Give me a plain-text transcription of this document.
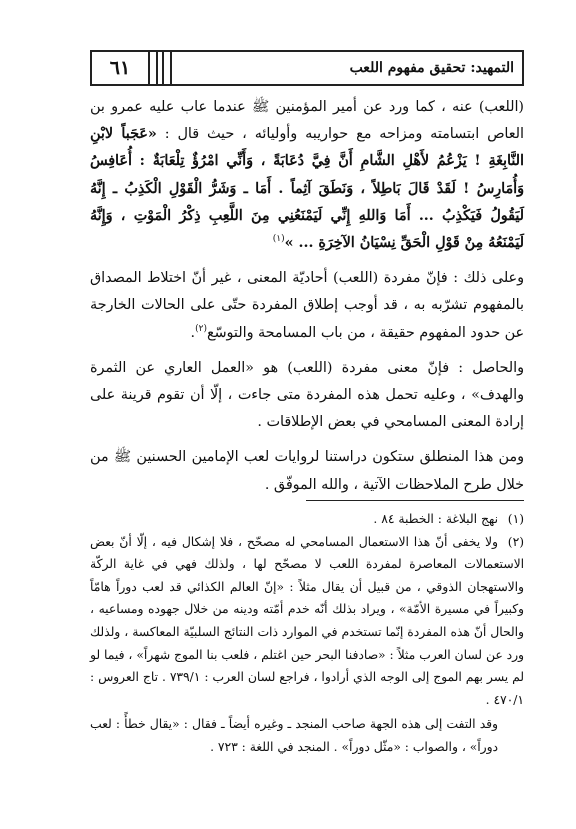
٦١	التمهيد: تحقيق مفهوم اللعب

(اللعب) عنه ، كما ورد عن أمير المؤمنين ﷺ عندما عاب عليه عمرو بن العاص ابتسامته ومزاحه مع حواريبه وأوليائه ، حيث قال : «عَجَباً لابْنِ النَّابِغَةِ ! يَزْعُمُ لأَهْلِ الشَّامِ أَنَّ فِيَّ دُعَابَةً ، وَأَنِّي امْرُؤٌ تِلْعَابَةٌ : أُعَافِسُ وَأُمَارِسُ ! لَقَدْ قَالَ بَاطِلاً ، وَنَطَقَ آثِماً . أَمَا ـ وَشَرُّ الْقَوْلِ الْكَذِبُ ـ إِنَّهُ لَيَقُولُ فَيَكْذِبُ ... أَمَا وَاللهِ إِنِّي لَيَمْنَعُنِي مِنَ اللَّعِبِ ذِكْرُ الْمَوْتِ ، وَإِنَّهُ لَيَمْنَعُهُ مِنْ قَوْلِ الْحَقِّ نِسْيَانُ الآخِرَةِ ... »$^{(١)}$

وعلى ذلك : فإنّ مفردة (اللعب) أحاديّة المعنى ، غير أنّ اختلاط المصداق بالمفهوم تشرّبه به ، قد أوجب إطلاق المفردة حتّى على الحالات الخارجة عن حدود المفهوم حقيقة ، من باب المسامحة والتوسّع$^{(٢)}$.

والحاصل : فإنّ معنى مفردة (اللعب) هو «العمل العاري عن الثمرة والهدف» ، وعليه تحمل هذه المفردة متى جاءت ، إلّا أن تقوم قرينة على إرادة المعنى المسامحي في بعض الإطلاقات .

ومن هذا المنطلق ستكون دراستنا لروايات لعب الإمامين الحسنين ﷺ من خلال طرح الملاحظات الآتية ، والله الموفّق .

(١)نهج البلاغة : الخطبة ٨٤ .

(٢)ولا يخفى أنّ هذا الاستعمال المسامحي له مصحّح ، فلا إشكال فيه ، إلّا أنّ بعض الاستعمالات المعاصرة لمفردة اللعب لا مصحّح لها ، ولذلك فهي في غاية الركّة والاستهجان الذوقي ، من قبيل أن يقال مثلاً : «إنّ العالم الكذائي قد لعب دوراً هامّاً وكبيراً في مسيرة الأمّة» ، ويراد بذلك أنّه خدم أمّته ودينه من خلال جهوده ومساعيه ، والحال أنّ هذه المفردة إنّما تستخدم في الموارد ذات النتائج السلبيّة المعاكسة ، ولذلك ورد عن لسان العرب مثلاً : «صادفنا البحر حين اغتلم ، فلعب بنا الموج شهراً» ، فيما لو لم يسر بهم الموج إلى الوجه الذي أرادوا ، فراجع لسان العرب : ٧٣٩/١ . تاج العروس : ٤٧٠/١ .

وقد التفت إلى هذه الجهة صاحب المنجد ـ وغيره أيضاً ـ فقال : «يقال خطأً : لعب دوراً» ، والصواب : «مثّل دوراً» . المنجد في اللغة : ٧٢٣ .
